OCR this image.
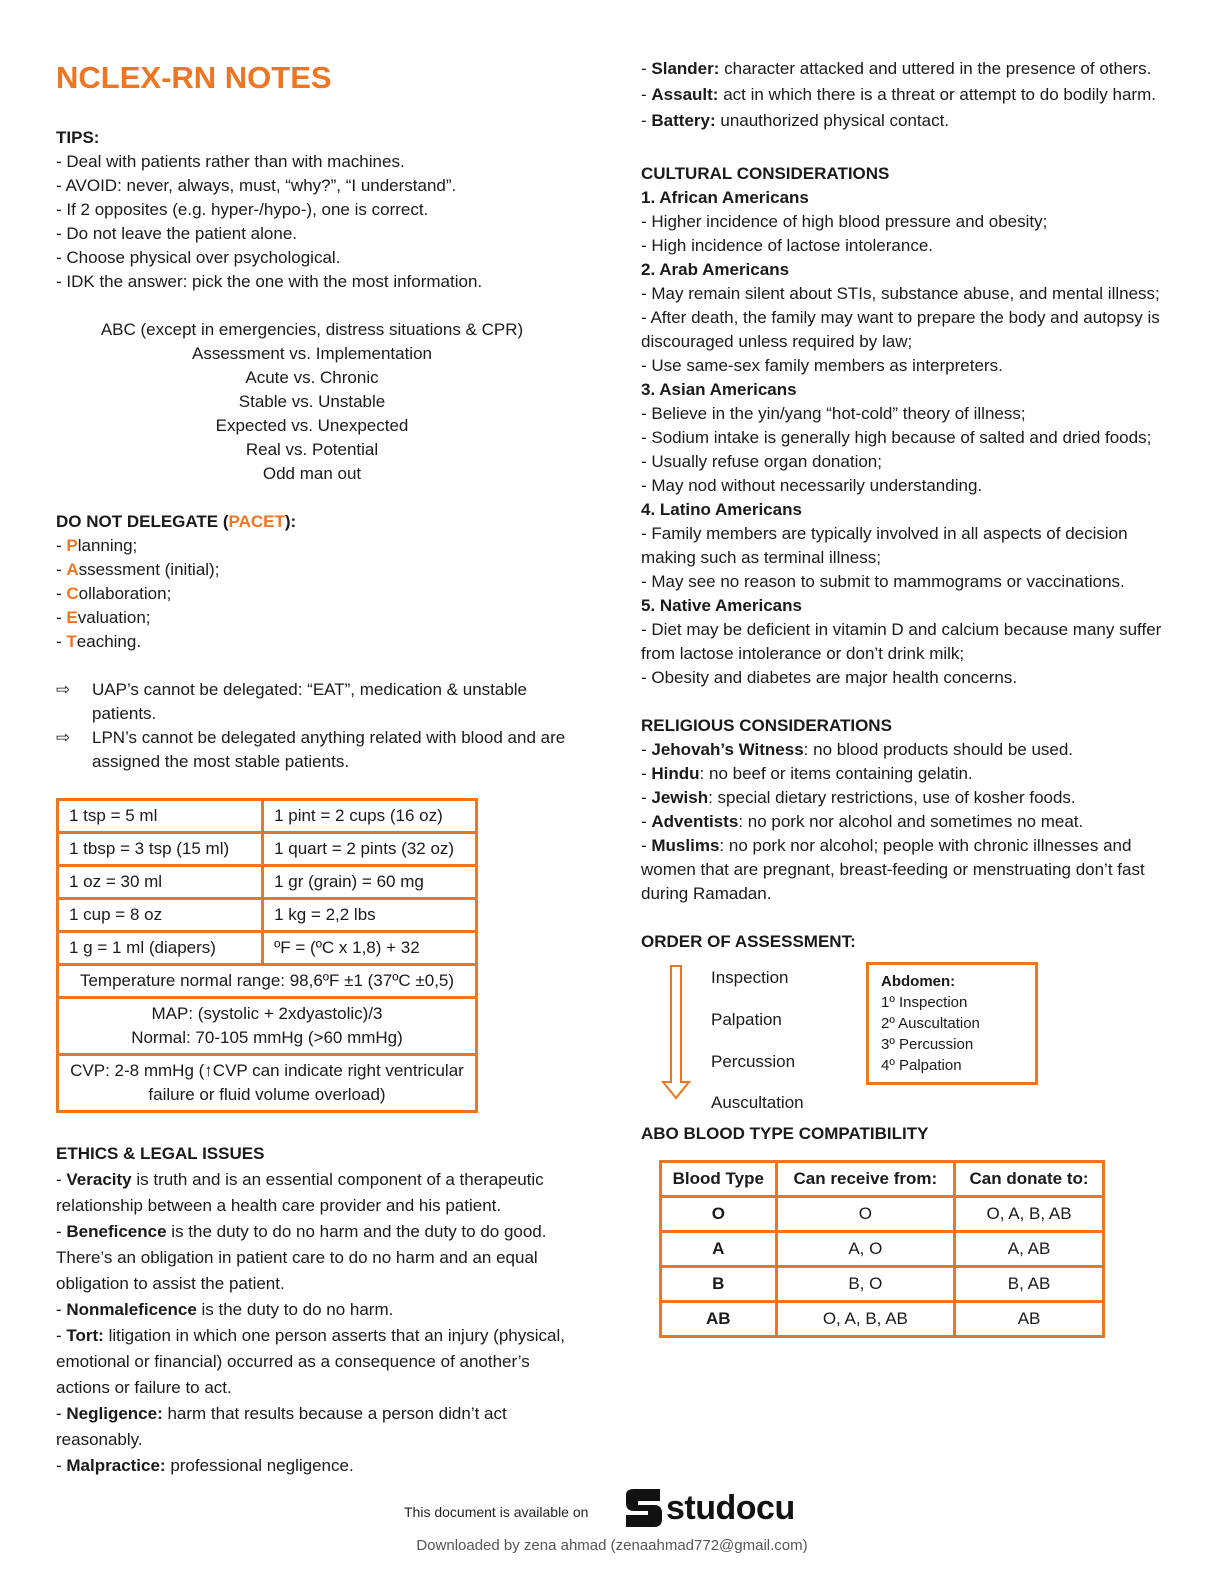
NCLEX-RN NOTES
TIPS:
- Deal with patients rather than with machines.
- AVOID: never, always, must, “why?”, “I understand”.
- If 2 opposites (e.g. hyper-/hypo-), one is correct.
- Do not leave the patient alone.
- Choose physical over psychological.
- IDK the answer: pick the one with the most information.
ABC (except in emergencies, distress situations & CPR)
Assessment vs. Implementation
Acute vs. Chronic
Stable vs. Unstable
Expected vs. Unexpected
Real vs. Potential
Odd man out
DO NOT DELEGATE (PACET):
- Planning;
- Assessment (initial);
- Collaboration;
- Evaluation;
- Teaching.
⇨	UAP’s cannot be delegated: “EAT”, medication & unstable patients.
⇨	LPN’s cannot be delegated anything related with blood and are assigned the most stable patients.
1 tsp = 5 ml	1 pint = 2 cups (16 oz)
1 tbsp = 3 tsp (15 ml)	1 quart = 2 pints (32 oz)
1 oz = 30 ml	1 gr (grain) = 60 mg
1 cup = 8 oz	1 kg = 2,2 lbs
1 g = 1 ml (diapers)	ºF = (ºC x 1,8) + 32
Temperature normal range: 98,6ºF ±1 (37ºC ±0,5)	

MAP: (systolic + 2xdyastolic)/3
Normal: 70-105 mmHg (>60 mmHg)	

CVP: 2-8 mmHg (↑CVP can indicate right ventricular failure or fluid volume overload)	
ETHICS & LEGAL ISSUES
- Veracity is truth and is an essential component of a therapeutic relationship between a health care provider and his patient.
- Beneficence is the duty to do no harm and the duty to do good. There’s an obligation in patient care to do no harm and an equal obligation to assist the patient.
- Nonmaleficence is the duty to do no harm.
- Tort: litigation in which one person asserts that an injury (physical, emotional or financial) occurred as a consequence of another’s actions or failure to act.
- Negligence: harm that results because a person didn’t act reasonably.
- Malpractice: professional negligence.
- Slander: character attacked and uttered in the presence of others.
- Assault: act in which there is a threat or attempt to do bodily harm.
- Battery: unauthorized physical contact.
CULTURAL CONSIDERATIONS
1. African Americans
- Higher incidence of high blood pressure and obesity;
- High incidence of lactose intolerance.
2. Arab Americans
- May remain silent about STIs, substance abuse, and mental illness;
- After death, the family may want to prepare the body and autopsy is discouraged unless required by law;
- Use same-sex family members as interpreters.
3. Asian Americans
- Believe in the yin/yang “hot-cold” theory of illness;
- Sodium intake is generally high because of salted and dried foods;
- Usually refuse organ donation;
- May nod without necessarily understanding.
4. Latino Americans
- Family members are typically involved in all aspects of decision making such as terminal illness;
- May see no reason to submit to mammograms or vaccinations.
5. Native Americans
- Diet may be deficient in vitamin D and calcium because many suffer from lactose intolerance or don’t drink milk;
- Obesity and diabetes are major health concerns.
RELIGIOUS CONSIDERATIONS
- Jehovah’s Witness: no blood products should be used.
- Hindu: no beef or items containing gelatin.
- Jewish: special dietary restrictions, use of kosher foods.
- Adventists: no pork nor alcohol and sometimes no meat.
- Muslims: no pork nor alcohol; people with chronic illnesses and women that are pregnant, breast-feeding or menstruating don’t fast during Ramadan.
ORDER OF ASSESSMENT:
Inspection
Palpation
Percussion
Auscultation
Abdomen:
1º Inspection
2º Auscultation
3º Percussion
4º Palpation
ABO BLOOD TYPE COMPATIBILITY
Blood Type	Can receive from:	Can donate to:
O	O	O, A, B, AB
A	A, O	A, AB
B	B, O	B, AB
AB	O, A, B, AB	AB
This document is available on studocu
Downloaded by zena ahmad (zenaahmad772@gmail.com)
